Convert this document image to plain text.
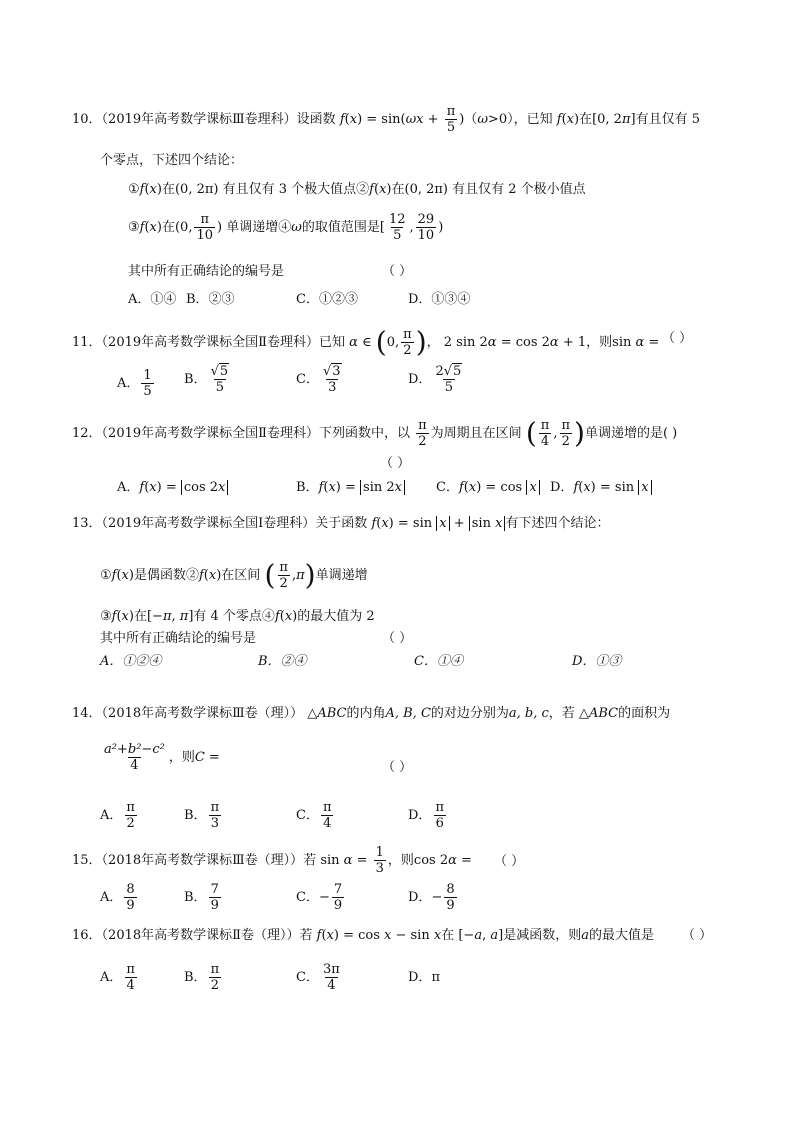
10．（2019年高考数学课标Ⅲ卷理科）设函数 $f(x) = \sin(\omega x + \frac{\pi}{5} )(\omega>0)$，已知 f(x)在[0, 2π]有且仅有 5
个零点，下述四个结论：
①f(x)在(0, 2π) 有且仅有 3 个极大值点②f(x)在(0, 2π) 有且仅有 2 个极小值点
③f(x)在(0, $\frac{\pi}{10}$ ) 单调递增④ω的取值范围是[ $\frac{12}{5}$ , $\frac{29}{10}$ )
其中所有正确结论的编号是	（ ）
A．①④ B．②③	C．①②③	D．①③④
11．（2019年高考数学课标全国Ⅱ卷理科）已知 α ∈ (0, $\frac{\pi}{2}$ )， 2 sin 2α = cos 2α + 1，则sin α = （ ）
A． $\frac{1}{5}$ B． $\frac{√5}{5}$	C． $\frac{√3}{3}$	D． $\frac{2√5}{5}$
12．（2019年高考数学课标全国Ⅱ卷理科）下列函数中，以 $\frac{\pi}{2}$ 为周期且在区间 ( $\frac{\pi}{4}$ , $\frac{\pi}{2}$ )单调递增的是( )
（ ）
A．f(x) = cos 2x	B．f(x) = sin 2x	C．f(x) = cos x D．f(x) = sin x
13．（2019年高考数学课标全国Ⅰ卷理科）关于函数 f(x) = sin x + sin x 有下述四个结论：
①f(x)是偶函数②f(x)在区间 ( $\frac{\pi}{2} ,\pi$)单调递增
③f(x)在[−π, π]有 4 个零点④f(x)的最大值为 2
其中所有正确结论的编号是	（ ）
A．①②④	B．②④	C．①④	D．①③
14．（2018年高考数学课标Ⅲ卷（理）） △ABC的内角A, B, C的对边分别为a, b, c，若 △ABC的面积为
$\frac{\text{a²+b²−c²}}{4}$ ，则C =
（ ）
A． $\frac{\pi}{2}$	B． $\frac{\pi}{3}$	C． $\frac{\pi}{4}$	D． $\frac{\pi}{6}$
15．（2018年高考数学课标Ⅲ卷（理））若 $\sin \alpha = \frac{1}{3}$ ，则cos 2α = （ ）
A． $\frac{8}{9}$	B． $\frac{7}{9}$	C．− $\frac{7}{9}$	D．− $\frac{8}{9}$
16．（2018年高考数学课标Ⅱ卷（理））若 f(x) = cos x − sin x在 [−a, a]是减函数，则a的最大值是 （ ）
A． $\frac{\pi}{4}$	B． $\frac{\pi}{2}$	C． $\frac{3\pi}{4}$	D．π
